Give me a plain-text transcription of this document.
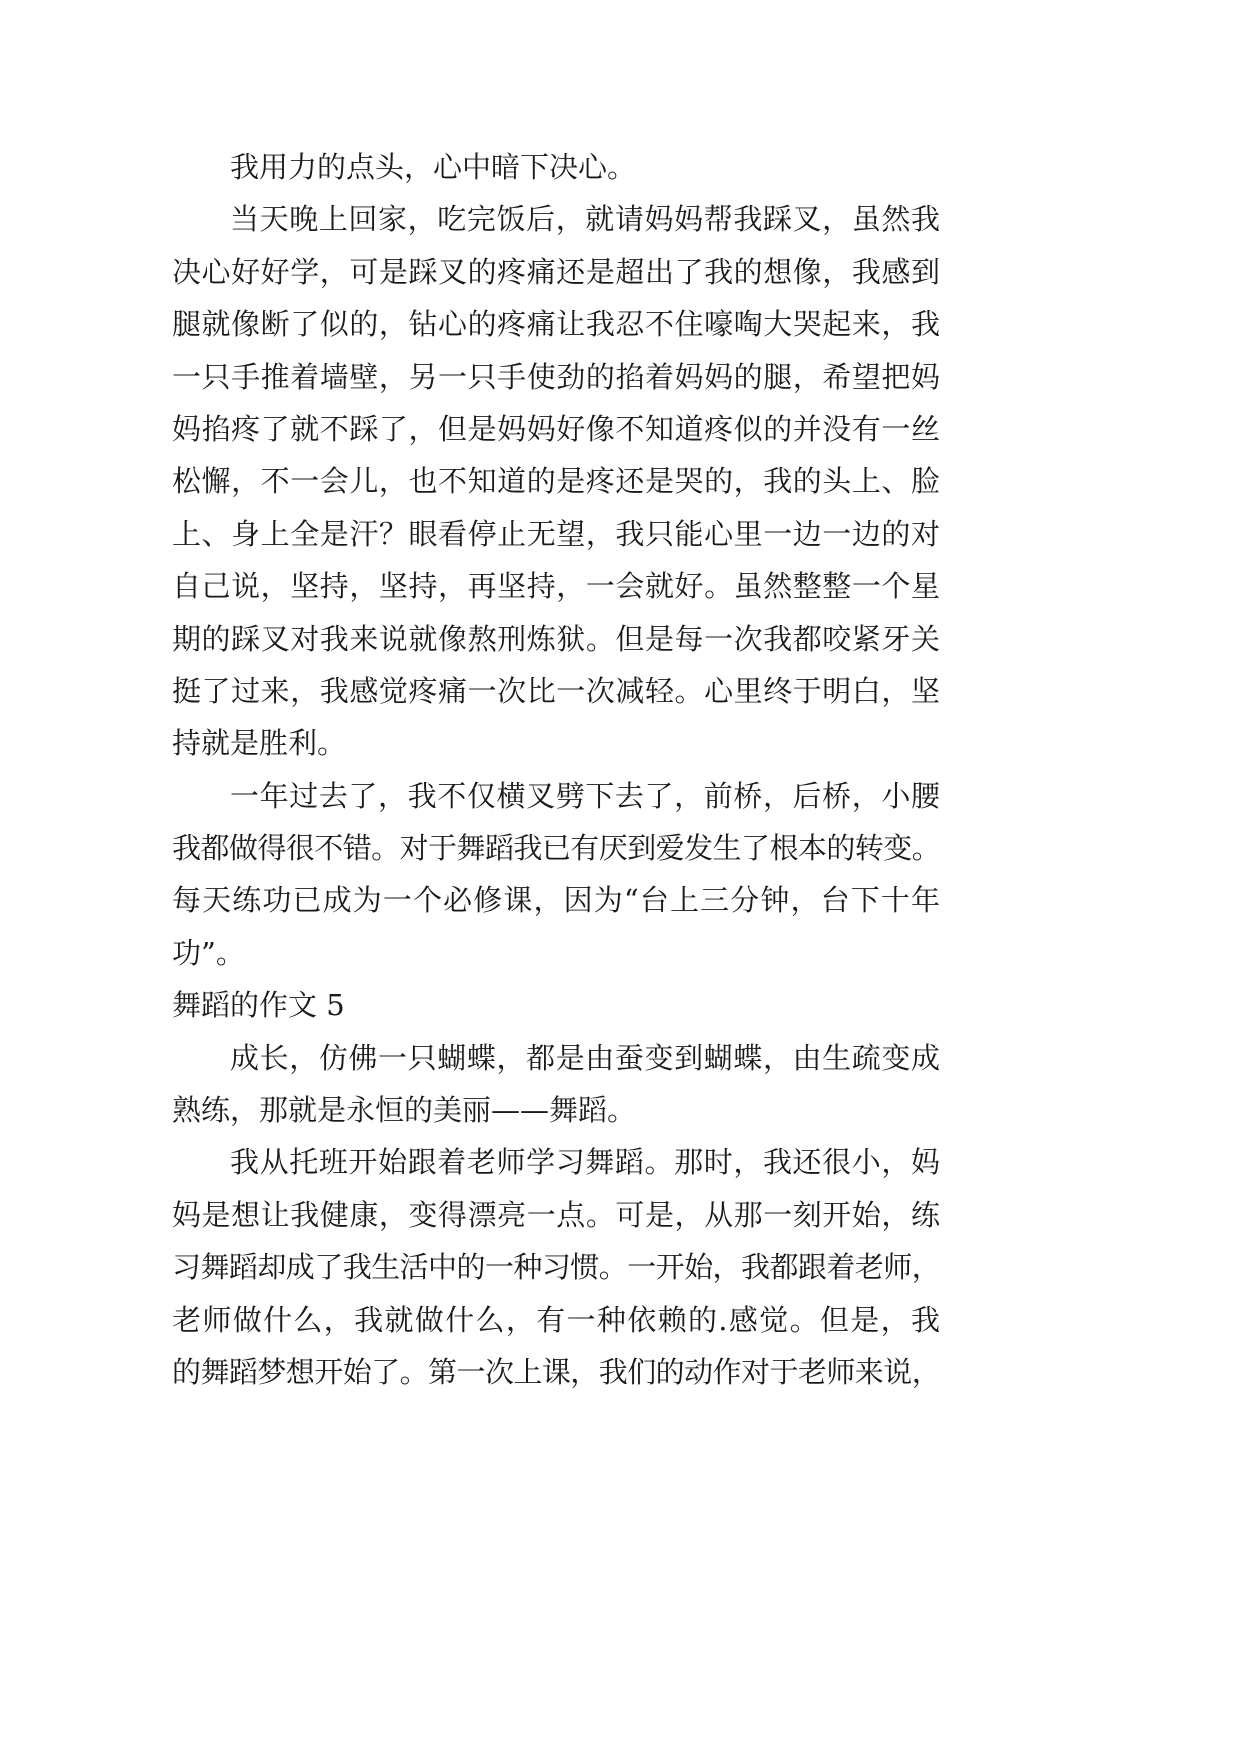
我用力的点头，心中暗下决心。
当天晚上回家，吃完饭后，就请妈妈帮我踩叉，虽然我
决心好好学，可是踩叉的疼痛还是超出了我的想像，我感到
腿就像断了似的，钻心的疼痛让我忍不住嚎啕大哭起来，我
一只手推着墙壁，另一只手使劲的掐着妈妈的腿，希望把妈
妈掐疼了就不踩了，但是妈妈好像不知道疼似的并没有一丝
松懈，不一会儿，也不知道的是疼还是哭的，我的头上、脸
上、身上全是汗？眼看停止无望，我只能心里一边一边的对
自己说，坚持，坚持，再坚持，一会就好。虽然整整一个星
期的踩叉对我来说就像熬刑炼狱。但是每一次我都咬紧牙关
挺了过来，我感觉疼痛一次比一次减轻。心里终于明白，坚
持就是胜利。
一年过去了，我不仅横叉劈下去了，前桥，后桥，小腰
我都做得很不错。对于舞蹈我已有厌到爱发生了根本的转变。
每天练功已成为一个必修课，因为“台上三分钟，台下十年
功”。
舞蹈的作文 5
成长，仿佛一只蝴蝶，都是由蚕变到蝴蝶，由生疏变成
熟练，那就是永恒的美丽——舞蹈。
我从托班开始跟着老师学习舞蹈。那时，我还很小，妈
妈是想让我健康，变得漂亮一点。可是，从那一刻开始，练
习舞蹈却成了我生活中的一种习惯。一开始，我都跟着老师，
老师做什么，我就做什么，有一种依赖的.感觉。但是，我
的舞蹈梦想开始了。第一次上课，我们的动作对于老师来说，
